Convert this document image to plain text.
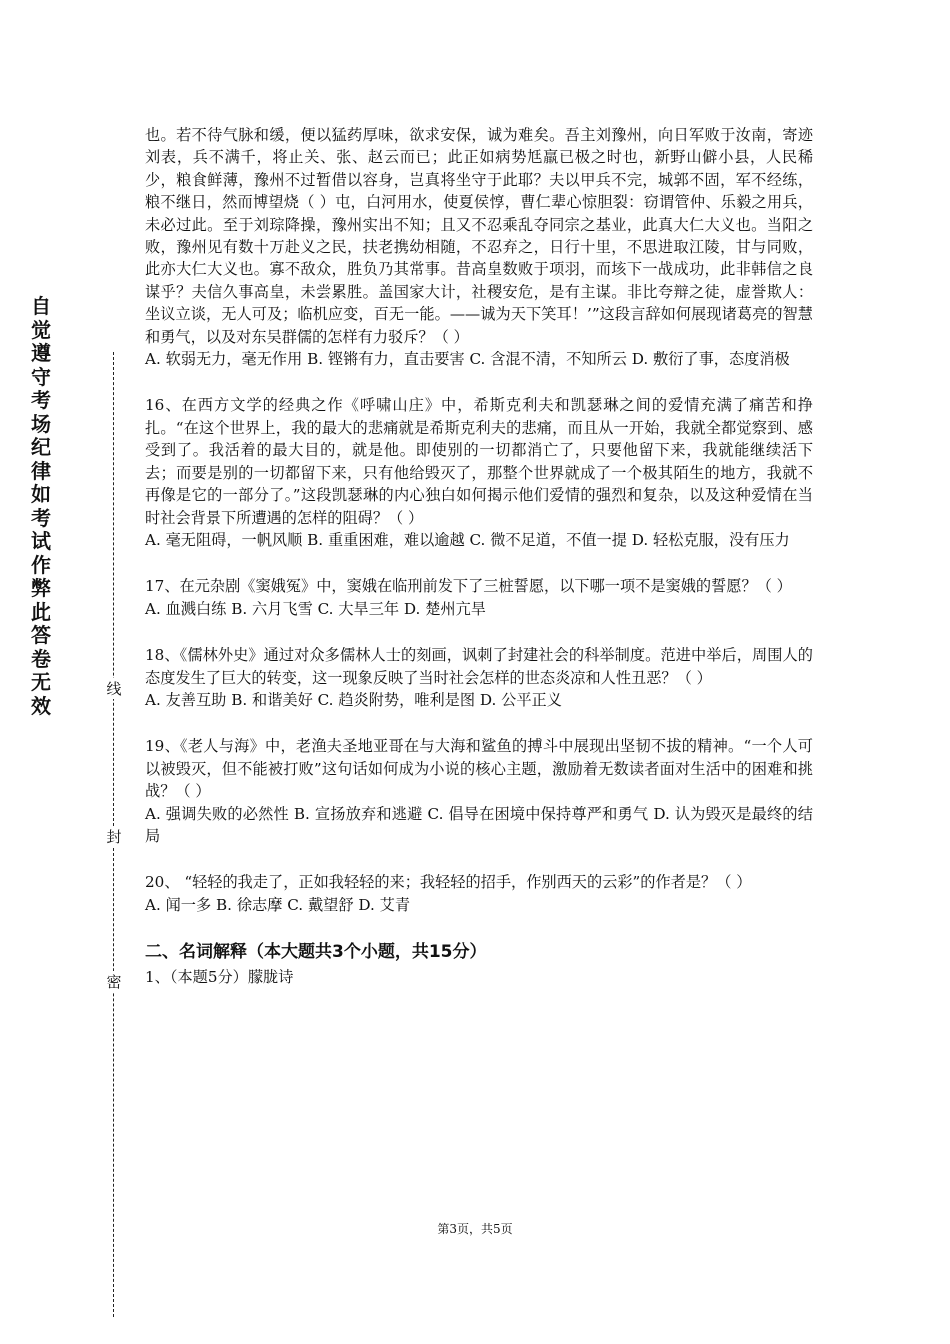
自觉遵守考场纪律如考试作弊此答卷无效
线
封
密

也。若不待气脉和缓，便以猛药厚味，欲求安保，诚为难矣。吾主刘豫州，向日军败于汝南，寄迹刘表，兵不满千，将止关、张、赵云而已；此正如病势尪羸已极之时也，新野山僻小县，人民稀少，粮食鲜薄，豫州不过暂借以容身，岂真将坐守于此耶？夫以甲兵不完，城郭不固，军不经练，粮不继日，然而博望烧（ ）屯，白河用水，使夏侯惇，曹仁辈心惊胆裂：窃谓管仲、乐毅之用兵，未必过此。至于刘琮降操，豫州实出不知；且又不忍乘乱夺同宗之基业，此真大仁大义也。当阳之败，豫州见有数十万赴义之民，扶老携幼相随，不忍弃之，日行十里，不思进取江陵，甘与同败，此亦大仁大义也。寡不敌众，胜负乃其常事。昔高皇数败于项羽，而垓下一战成功，此非韩信之良谋乎？夫信久事高皇，未尝累胜。盖国家大计，社稷安危，是有主谋。非比夸辩之徒，虚誉欺人：坐议立谈，无人可及；临机应变，百无一能。——诚为天下笑耳！’”这段言辞如何展现诸葛亮的智慧和勇气，以及对东吴群儒的怎样有力驳斥？（ ）

A. 软弱无力，毫无作用 B. 铿锵有力，直击要害 C. 含混不清，不知所云 D. 敷衍了事，态度消极

16、在西方文学的经典之作《呼啸山庄》中，希斯克利夫和凯瑟琳之间的爱情充满了痛苦和挣扎。“在这个世界上，我的最大的悲痛就是希斯克利夫的悲痛，而且从一开始，我就全都觉察到、感受到了。我活着的最大目的，就是他。即使别的一切都消亡了，只要他留下来，我就能继续活下去；而要是别的一切都留下来，只有他给毁灭了，那整个世界就成了一个极其陌生的地方，我就不再像是它的一部分了。”这段凯瑟琳的内心独白如何揭示他们爱情的强烈和复杂，以及这种爱情在当时社会背景下所遭遇的怎样的阻碍？（ ）

A. 毫无阻碍，一帆风顺 B. 重重困难，难以逾越 C. 微不足道，不值一提 D. 轻松克服，没有压力

17、在元杂剧《窦娥冤》中，窦娥在临刑前发下了三桩誓愿，以下哪一项不是窦娥的誓愿？（ ）

A. 血溅白练 B. 六月飞雪 C. 大旱三年 D. 楚州亢旱

18、《儒林外史》通过对众多儒林人士的刻画，讽刺了封建社会的科举制度。范进中举后，周围人的态度发生了巨大的转变，这一现象反映了当时社会怎样的世态炎凉和人性丑恶？（ ）

A. 友善互助 B. 和谐美好 C. 趋炎附势，唯利是图 D. 公平正义

19、《老人与海》中，老渔夫圣地亚哥在与大海和鲨鱼的搏斗中展现出坚韧不拔的精神。“一个人可以被毁灭，但不能被打败”这句话如何成为小说的核心主题，激励着无数读者面对生活中的困难和挑战？（ ）

A. 强调失败的必然性 B. 宣扬放弃和逃避 C. 倡导在困境中保持尊严和勇气 D. 认为毁灭是最终的结局

20、 “轻轻的我走了，正如我轻轻的来；我轻轻的招手，作别西天的云彩”的作者是？（ ）

A. 闻一多 B. 徐志摩 C. 戴望舒 D. 艾青

二、名词解释（本大题共3个小题，共15分）

1、（本题5分）朦胧诗

第3页，共5页
